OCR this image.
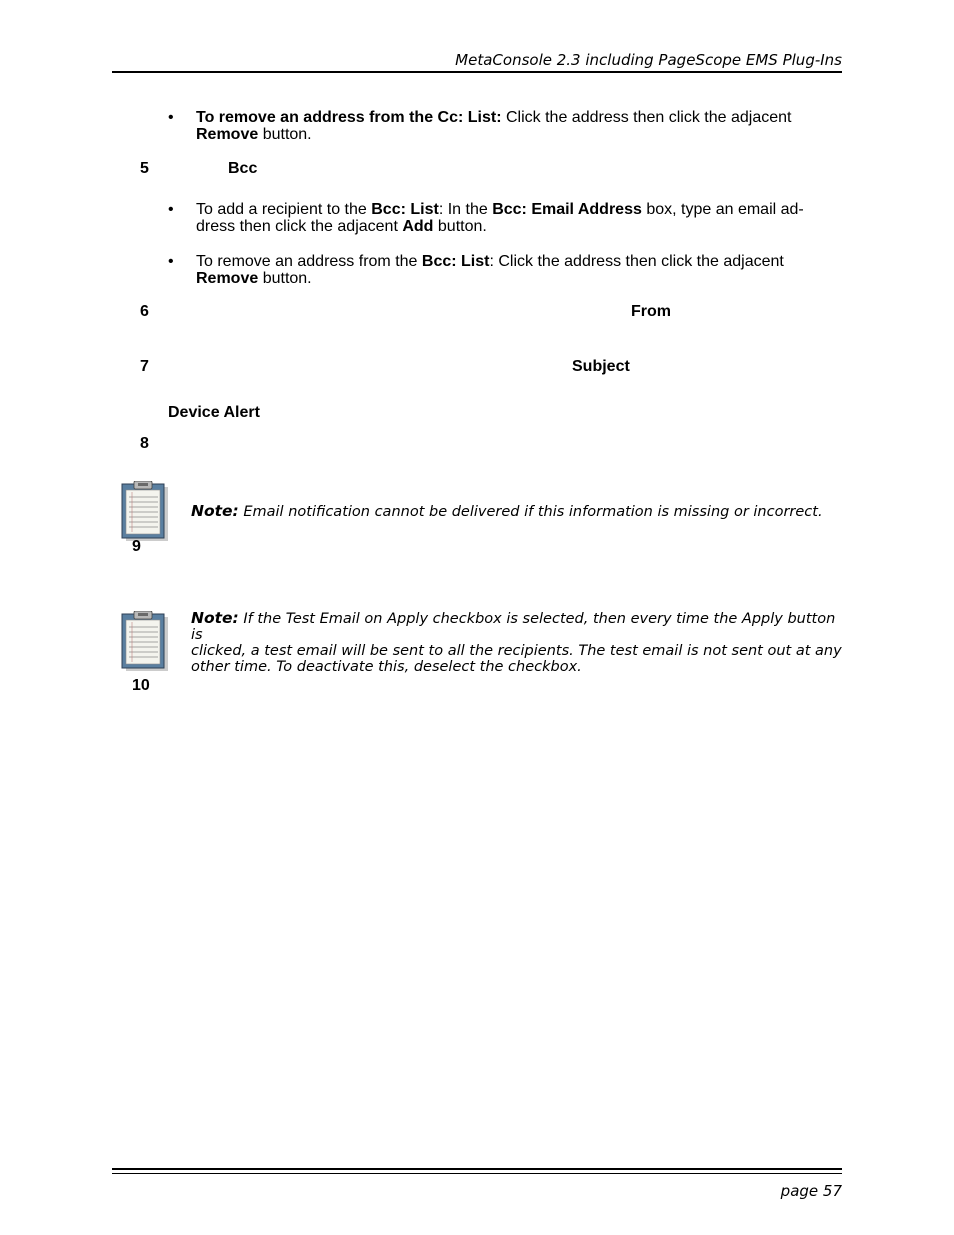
MetaConsole 2.3 including PageScope EMS Plug-Ins
• To remove an address from the Cc: List: Click the address then click the adjacent
Remove button.
5	Bcc
• To add a recipient to the Bcc: List: In the Bcc: Email Address box, type an email ad-
dress then click the adjacent Add button.
• To remove an address from the Bcc: List: Click the address then click the adjacent
Remove button.
6	From
7	Subject
Device Alert
8
Note: Email notification cannot be delivered if this information is missing or incorrect.
9
Note: If the Test Email on Apply checkbox is selected, then every time the Apply button is
clicked, a test email will be sent to all the recipients. The test email is not sent out at any
other time. To deactivate this, deselect the checkbox.
10
page 57
